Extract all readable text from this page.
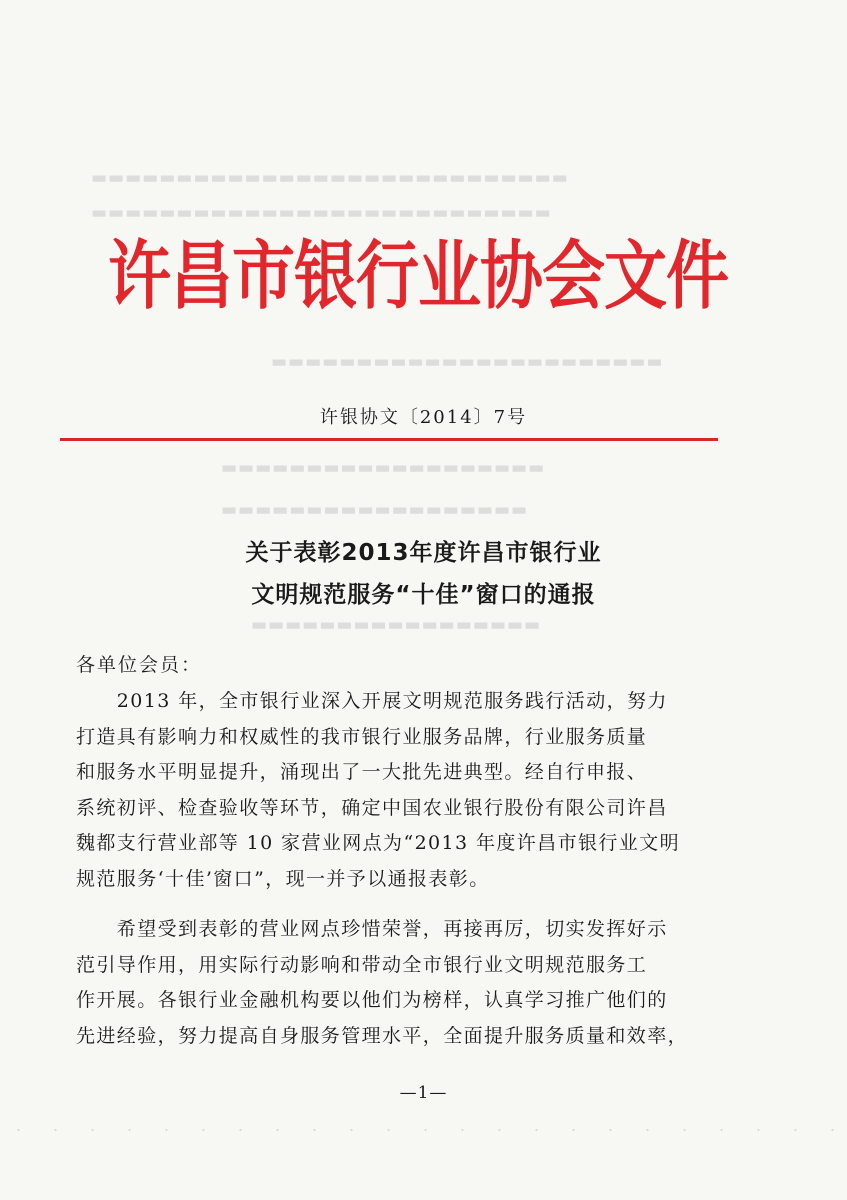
▬▬▬▬▬▬▬▬▬▬▬▬▬▬▬▬▬▬▬▬▬▬▬▬▬▬▬▬
▬▬▬▬▬▬▬▬▬▬▬▬▬▬▬▬▬▬▬▬▬▬▬▬▬▬▬
▬▬▬▬▬▬▬▬▬▬▬▬▬▬▬▬▬▬▬▬▬▬▬
▬▬▬▬▬▬▬▬▬▬▬▬▬▬▬▬▬▬▬
▬▬▬▬▬▬▬▬▬▬▬▬▬▬▬▬▬▬
▬▬▬▬▬▬▬▬▬▬▬▬▬▬▬▬▬
许昌市银行业协会文件
许银协文〔2014〕7号
关于表彰2013年度许昌市银行业
文明规范服务“十佳”窗口的通报
各单位会员：
　　2013 年，全市银行业深入开展文明规范服务践行活动，努力
打造具有影响力和权威性的我市银行业服务品牌，行业服务质量
和服务水平明显提升，涌现出了一大批先进典型。经自行申报、
系统初评、检查验收等环节，确定中国农业银行股份有限公司许昌
魏都支行营业部等 10 家营业网点为“2013 年度许昌市银行业文明
规范服务‘十佳’窗口”，现一并予以通报表彰。
　　希望受到表彰的营业网点珍惜荣誉，再接再厉，切实发挥好示
范引导作用，用实际行动影响和带动全市银行业文明规范服务工
作开展。各银行业金融机构要以他们为榜样，认真学习推广他们的
先进经验，努力提高自身服务管理水平，全面提升服务质量和效率，
—1—
